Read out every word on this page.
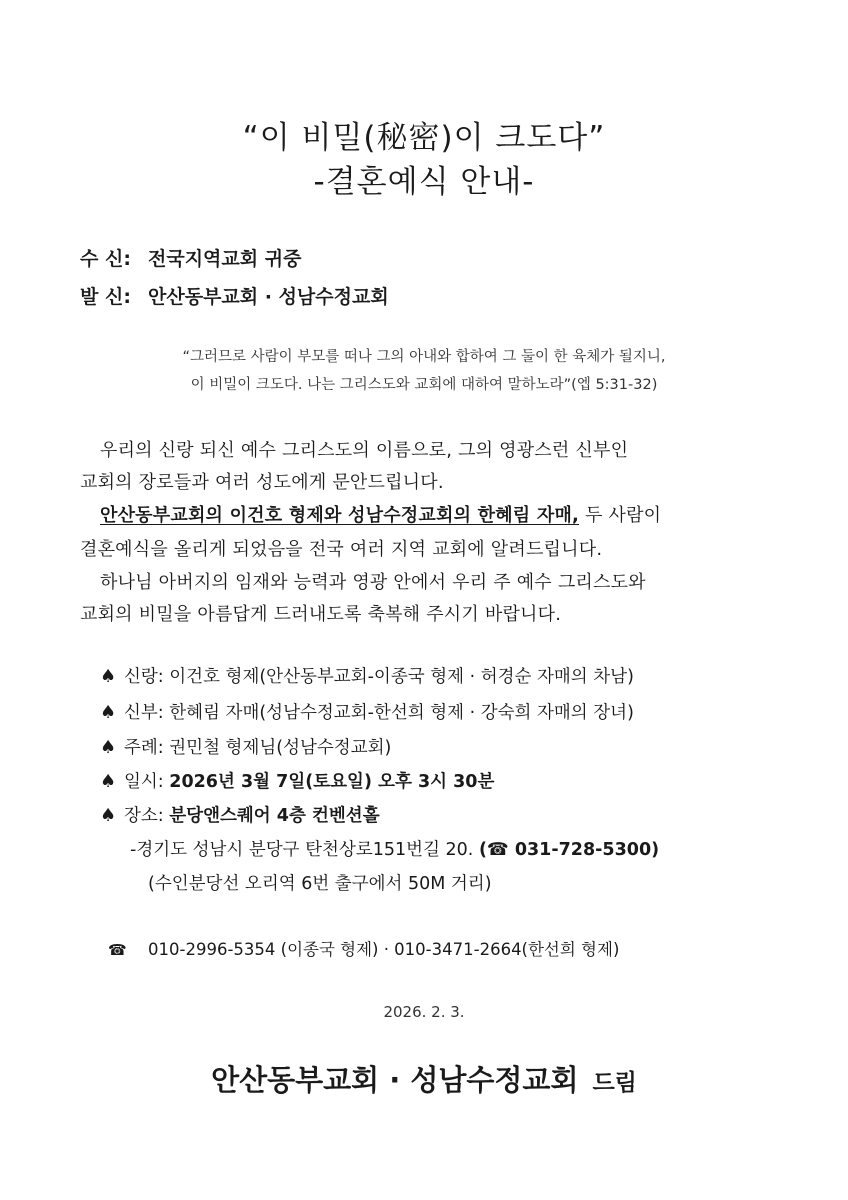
“이 비밀(秘密)이 크도다”
-결혼예식 안내-
수 신: 전국지역교회 귀중
발 신: 안산동부교회 · 성남수정교회
“그러므로 사람이 부모를 떠나 그의 아내와 합하여 그 둘이 한 육체가 될지니,
이 비밀이 크도다. 나는 그리스도와 교회에 대하여 말하노라”(엡 5:31-32)
우리의 신랑 되신 예수 그리스도의 이름으로, 그의 영광스런 신부인
교회의 장로들과 여러 성도에게 문안드립니다.
안산동부교회의 이건호 형제와 성남수정교회의 한혜림 자매, 두 사람이
결혼예식을 올리게 되었음을 전국 여러 지역 교회에 알려드립니다.
하나님 아버지의 임재와 능력과 영광 안에서 우리 주 예수 그리스도와
교회의 비밀을 아름답게 드러내도록 축복해 주시기 바랍니다.
♠ 신랑: 이건호 형제(안산동부교회-이종국 형제 · 허경순 자매의 차남)
♠ 신부: 한혜림 자매(성남수정교회-한선희 형제 · 강숙희 자매의 장녀)
♠ 주례: 권민철 형제님(성남수정교회)
♠ 일시: 2026년 3월 7일(토요일) 오후 3시 30분
♠ 장소: 분당앤스퀘어 4층 컨벤션홀
-경기도 성남시 분당구 탄천상로151번길 20. (☎ 031-728-5300)
(수인분당선 오리역 6번 출구에서 50M 거리)
☎ 010-2996-5354 (이종국 형제) · 010-3471-2664(한선희 형제)
2026. 2. 3.
안산동부교회 · 성남수정교회 드림
